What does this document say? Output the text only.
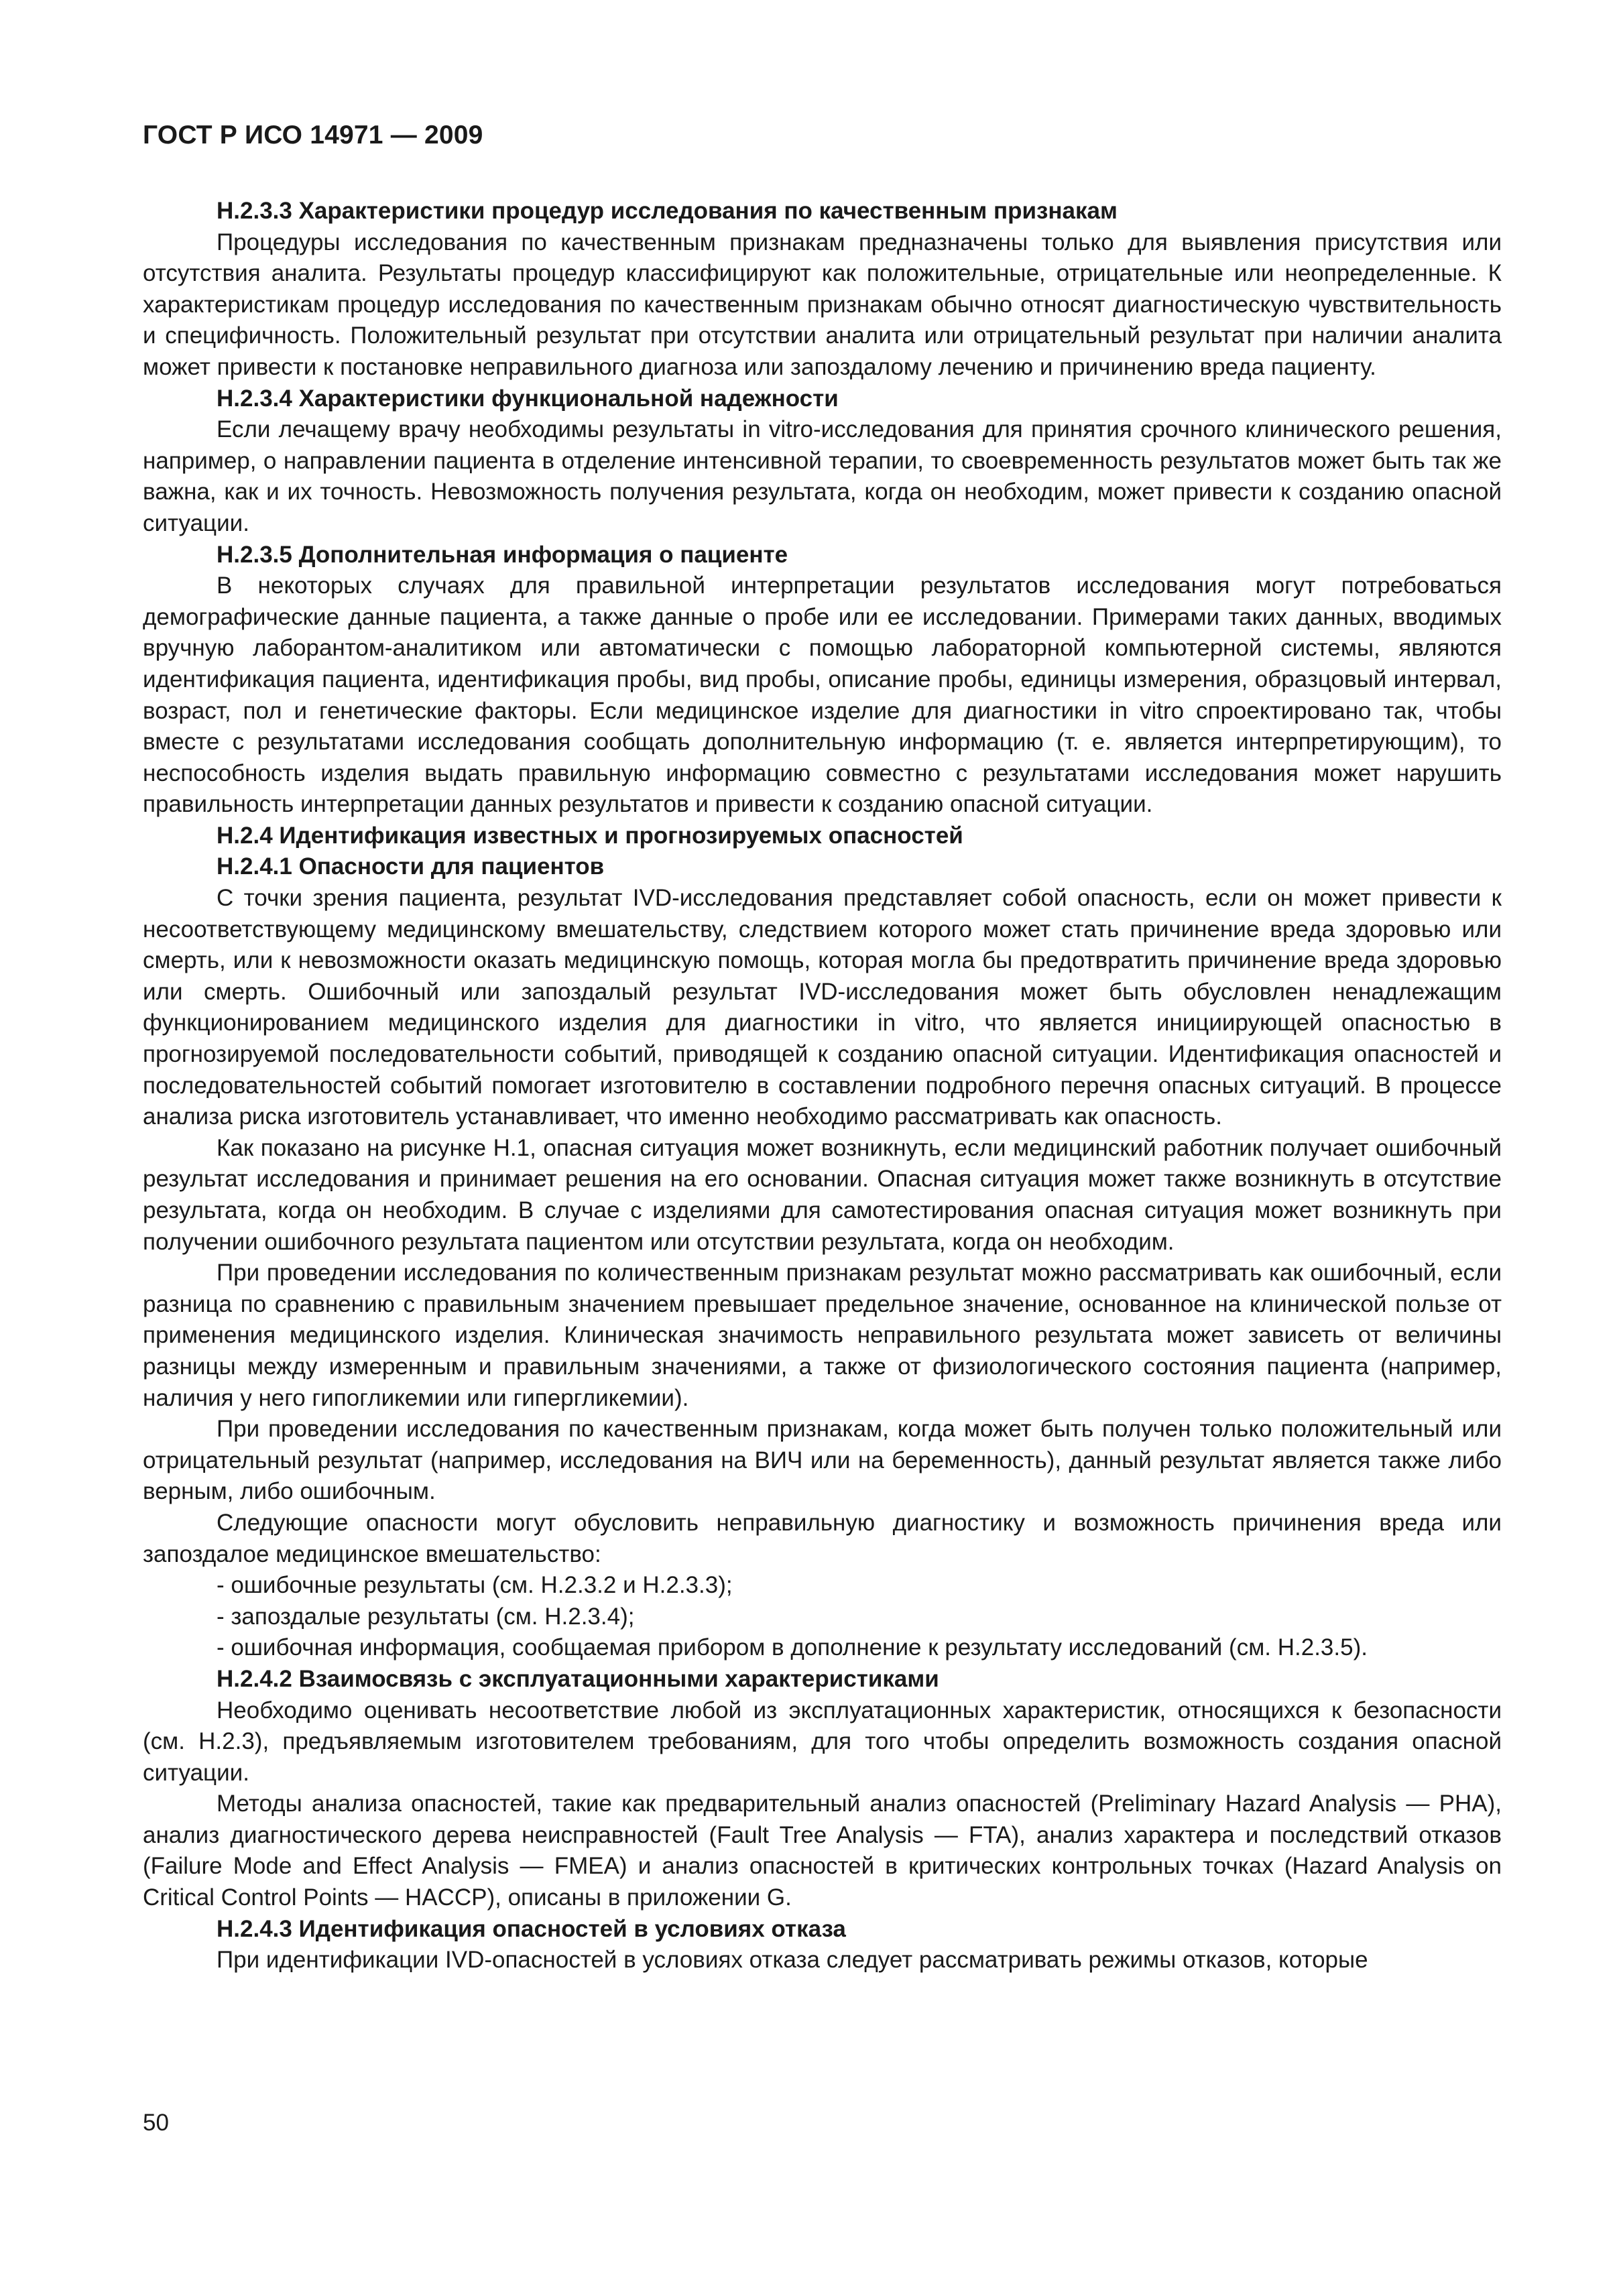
ГОСТ Р ИСО 14971 — 2009

H.2.3.3 Характеристики процедур исследования по качественным признакам

Процедуры исследования по качественным признакам предназначены только для выявления присутствия или отсутствия аналита. Результаты процедур классифицируют как положительные, отрицательные или неопределенные. К характеристикам процедур исследования по качественным признакам обычно относят диагностическую чувствительность и специфичность. Положительный результат при отсутствии аналита или отрицательный результат при наличии аналита может привести к постановке неправильного диагноза или запоздалому лечению и причинению вреда пациенту.

H.2.3.4 Характеристики функциональной надежности

Если лечащему врачу необходимы результаты in vitro-исследования для принятия срочного клинического решения, например, о направлении пациента в отделение интенсивной терапии, то своевременность результатов может быть так же важна, как и их точность. Невозможность получения результата, когда он необходим, может привести к созданию опасной ситуации.

H.2.3.5 Дополнительная информация о пациенте

В некоторых случаях для правильной интерпретации результатов исследования могут потребоваться демографические данные пациента, а также данные о пробе или ее исследовании. Примерами таких данных, вводимых вручную лаборантом-аналитиком или автоматически с помощью лабораторной компьютерной системы, являются идентификация пациента, идентификация пробы, вид пробы, описание пробы, единицы измерения, образцовый интервал, возраст, пол и генетические факторы. Если медицинское изделие для диагностики in vitro спроектировано так, чтобы вместе с результатами исследования сообщать дополнительную информацию (т. е. является интерпретирующим), то неспособность изделия выдать правильную информацию совместно с результатами исследования может нарушить правильность интерпретации данных результатов и привести к созданию опасной ситуации.

H.2.4 Идентификация известных и прогнозируемых опасностей

H.2.4.1 Опасности для пациентов

С точки зрения пациента, результат IVD-исследования представляет собой опасность, если он может привести к несоответствующему медицинскому вмешательству, следствием которого может стать причинение вреда здоровью или смерть, или к невозможности оказать медицинскую помощь, которая могла бы предотвратить причинение вреда здоровью или смерть. Ошибочный или запоздалый результат IVD-исследования может быть обусловлен ненадлежащим функционированием медицинского изделия для диагностики in vitro, что является инициирующей опасностью в прогнозируемой последовательности событий, приводящей к созданию опасной ситуации. Идентификация опасностей и последовательностей событий помогает изготовителю в составлении подробного перечня опасных ситуаций. В процессе анализа риска изготовитель устанавливает, что именно необходимо рассматривать как опасность.

Как показано на рисунке H.1, опасная ситуация может возникнуть, если медицинский работник получает ошибочный результат исследования и принимает решения на его основании. Опасная ситуация может также возникнуть в отсутствие результата, когда он необходим. В случае с изделиями для самотестирования опасная ситуация может возникнуть при получении ошибочного результата пациентом или отсутствии результата, когда он необходим.

При проведении исследования по количественным признакам результат можно рассматривать как ошибочный, если разница по сравнению с правильным значением превышает предельное значение, основанное на клинической пользе от применения медицинского изделия. Клиническая значимость неправильного результата может зависеть от величины разницы между измеренным и правильным значениями, а также от физиологического состояния пациента (например, наличия у него гипогликемии или гипергликемии).

При проведении исследования по качественным признакам, когда может быть получен только положительный или отрицательный результат (например, исследования на ВИЧ или на беременность), данный результат является также либо верным, либо ошибочным.

Следующие опасности могут обусловить неправильную диагностику и возможность причинения вреда или запоздалое медицинское вмешательство:

- ошибочные результаты (см. H.2.3.2 и H.2.3.3);

- запоздалые результаты (см. H.2.3.4);

- ошибочная информация, сообщаемая прибором в дополнение к результату исследований (см. H.2.3.5).

H.2.4.2 Взаимосвязь с эксплуатационными характеристиками

Необходимо оценивать несоответствие любой из эксплуатационных характеристик, относящихся к безопасности (см. H.2.3), предъявляемым изготовителем требованиям, для того чтобы определить возможность создания опасной ситуации.

Методы анализа опасностей, такие как предварительный анализ опасностей (Preliminary Hazard Analysis — PHA), анализ диагностического дерева неисправностей (Fault Tree Analysis — FTA), анализ характера и последствий отказов (Failure Mode and Effect Analysis — FMEA) и анализ опасностей в критических контрольных точках (Hazard Analysis on Critical Control Points — HACCP), описаны в приложении G.

H.2.4.3 Идентификация опасностей в условиях отказа

При идентификации IVD-опасностей в условиях отказа следует рассматривать режимы отказов, которые

50
